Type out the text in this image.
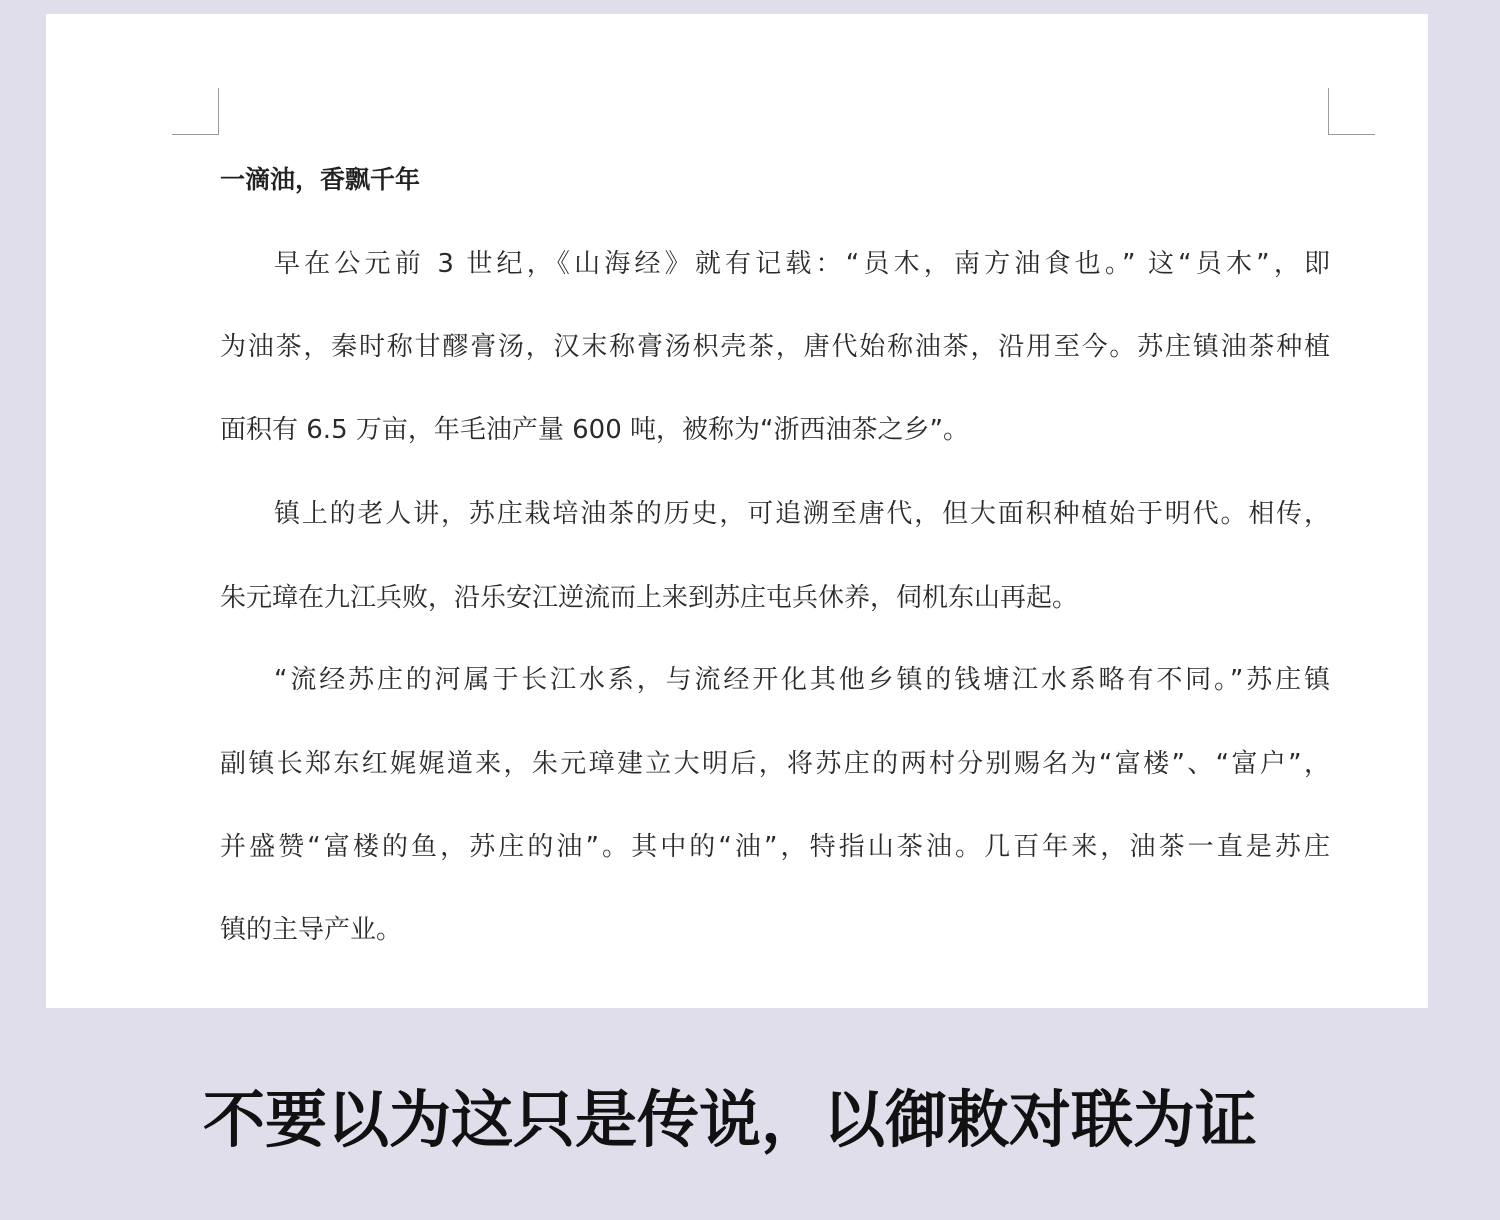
一滴油，香飘千年
早在公元前 3 世纪，《山海经》就有记载：“员木，南方油食也。” 这“员木”，即
为油茶，秦时称甘醪膏汤，汉末称膏汤枳壳茶，唐代始称油茶，沿用至今。苏庄镇油茶种植
面积有 6.5 万亩，年毛油产量 600 吨，被称为“浙西油茶之乡”。
镇上的老人讲，苏庄栽培油茶的历史，可追溯至唐代，但大面积种植始于明代。相传，
朱元璋在九江兵败，沿乐安江逆流而上来到苏庄屯兵休养，伺机东山再起。
“流经苏庄的河属于长江水系，与流经开化其他乡镇的钱塘江水系略有不同。”苏庄镇
副镇长郑东红娓娓道来，朱元璋建立大明后，将苏庄的两村分别赐名为“富楼”、“富户”，
并盛赞“富楼的鱼，苏庄的油”。其中的“油”，特指山茶油。几百年来，油茶一直是苏庄
镇的主导产业。
不要以为这只是传说，以御敕对联为证
